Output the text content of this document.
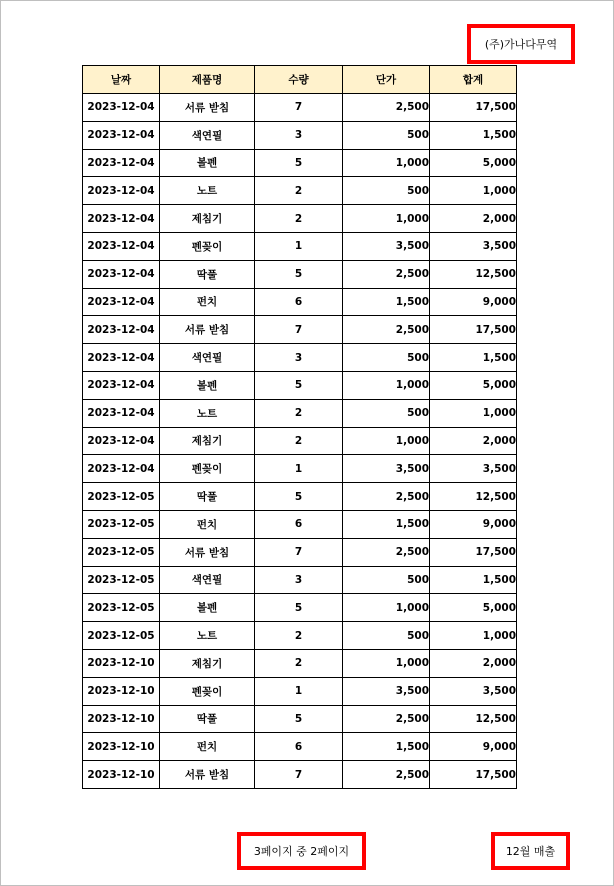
(주)가나다무역
날짜	제품명	수량	단가	합계
2023-12-04	서류 받침	7	2,500	17,500
2023-12-04	색연필	3	500	1,500
2023-12-04	볼펜	5	1,000	5,000
2023-12-04	노트	2	500	1,000
2023-12-04	제침기	2	1,000	2,000
2023-12-04	펜꽂이	1	3,500	3,500
2023-12-04	딱풀	5	2,500	12,500
2023-12-04	펀치	6	1,500	9,000
2023-12-04	서류 받침	7	2,500	17,500
2023-12-04	색연필	3	500	1,500
2023-12-04	볼펜	5	1,000	5,000
2023-12-04	노트	2	500	1,000
2023-12-04	제침기	2	1,000	2,000
2023-12-04	펜꽂이	1	3,500	3,500
2023-12-05	딱풀	5	2,500	12,500
2023-12-05	펀치	6	1,500	9,000
2023-12-05	서류 받침	7	2,500	17,500
2023-12-05	색연필	3	500	1,500
2023-12-05	볼펜	5	1,000	5,000
2023-12-05	노트	2	500	1,000
2023-12-10	제침기	2	1,000	2,000
2023-12-10	펜꽂이	1	3,500	3,500
2023-12-10	딱풀	5	2,500	12,500
2023-12-10	펀치	6	1,500	9,000
2023-12-10	서류 받침	7	2,500	17,500
3페이지 중 2페이지	12월 매출
